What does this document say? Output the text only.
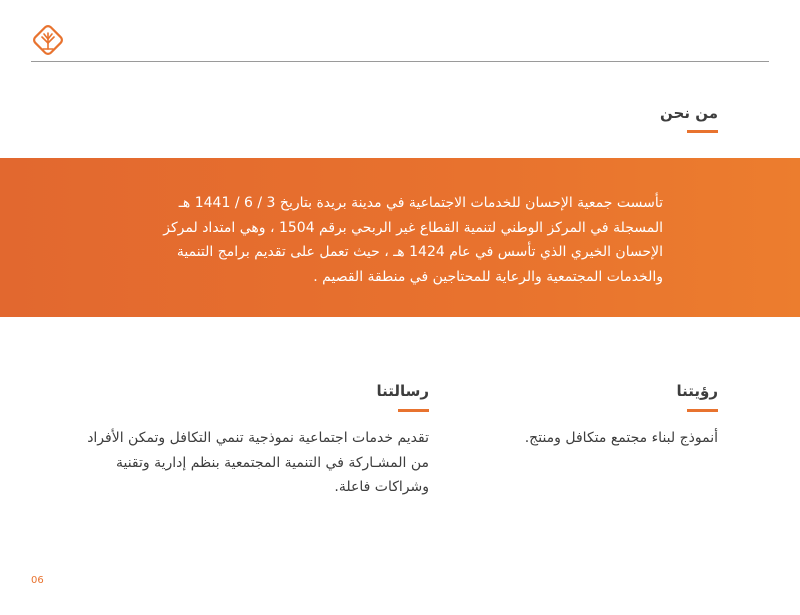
من نحن
تأسست جمعية الإحسان للخدمات الاجتماعية في مدينة بريدة بتاريخ 3 / 6 / 1441 هـ المسجلة في المركز الوطني لتنمية القطاع غير الربحي برقم 1504 ، وهي امتداد لمركز الإحسان الخيري الذي تأسس في عام 1424 هـ ، حيث تعمل على تقديم برامج التنمية والخدمات المجتمعية والرعاية للمحتاجين في منطقة القصيم .
رؤيتنا
أنموذج لبناء مجتمع متكافل ومنتج.
رسالتنا
تقديم خدمات اجتماعية نموذجية تنمي التكافل وتمكن الأفراد من المشـاركة في التنمية المجتمعية بنظم إدارية وتقنية وشراكات فاعلة.
06
